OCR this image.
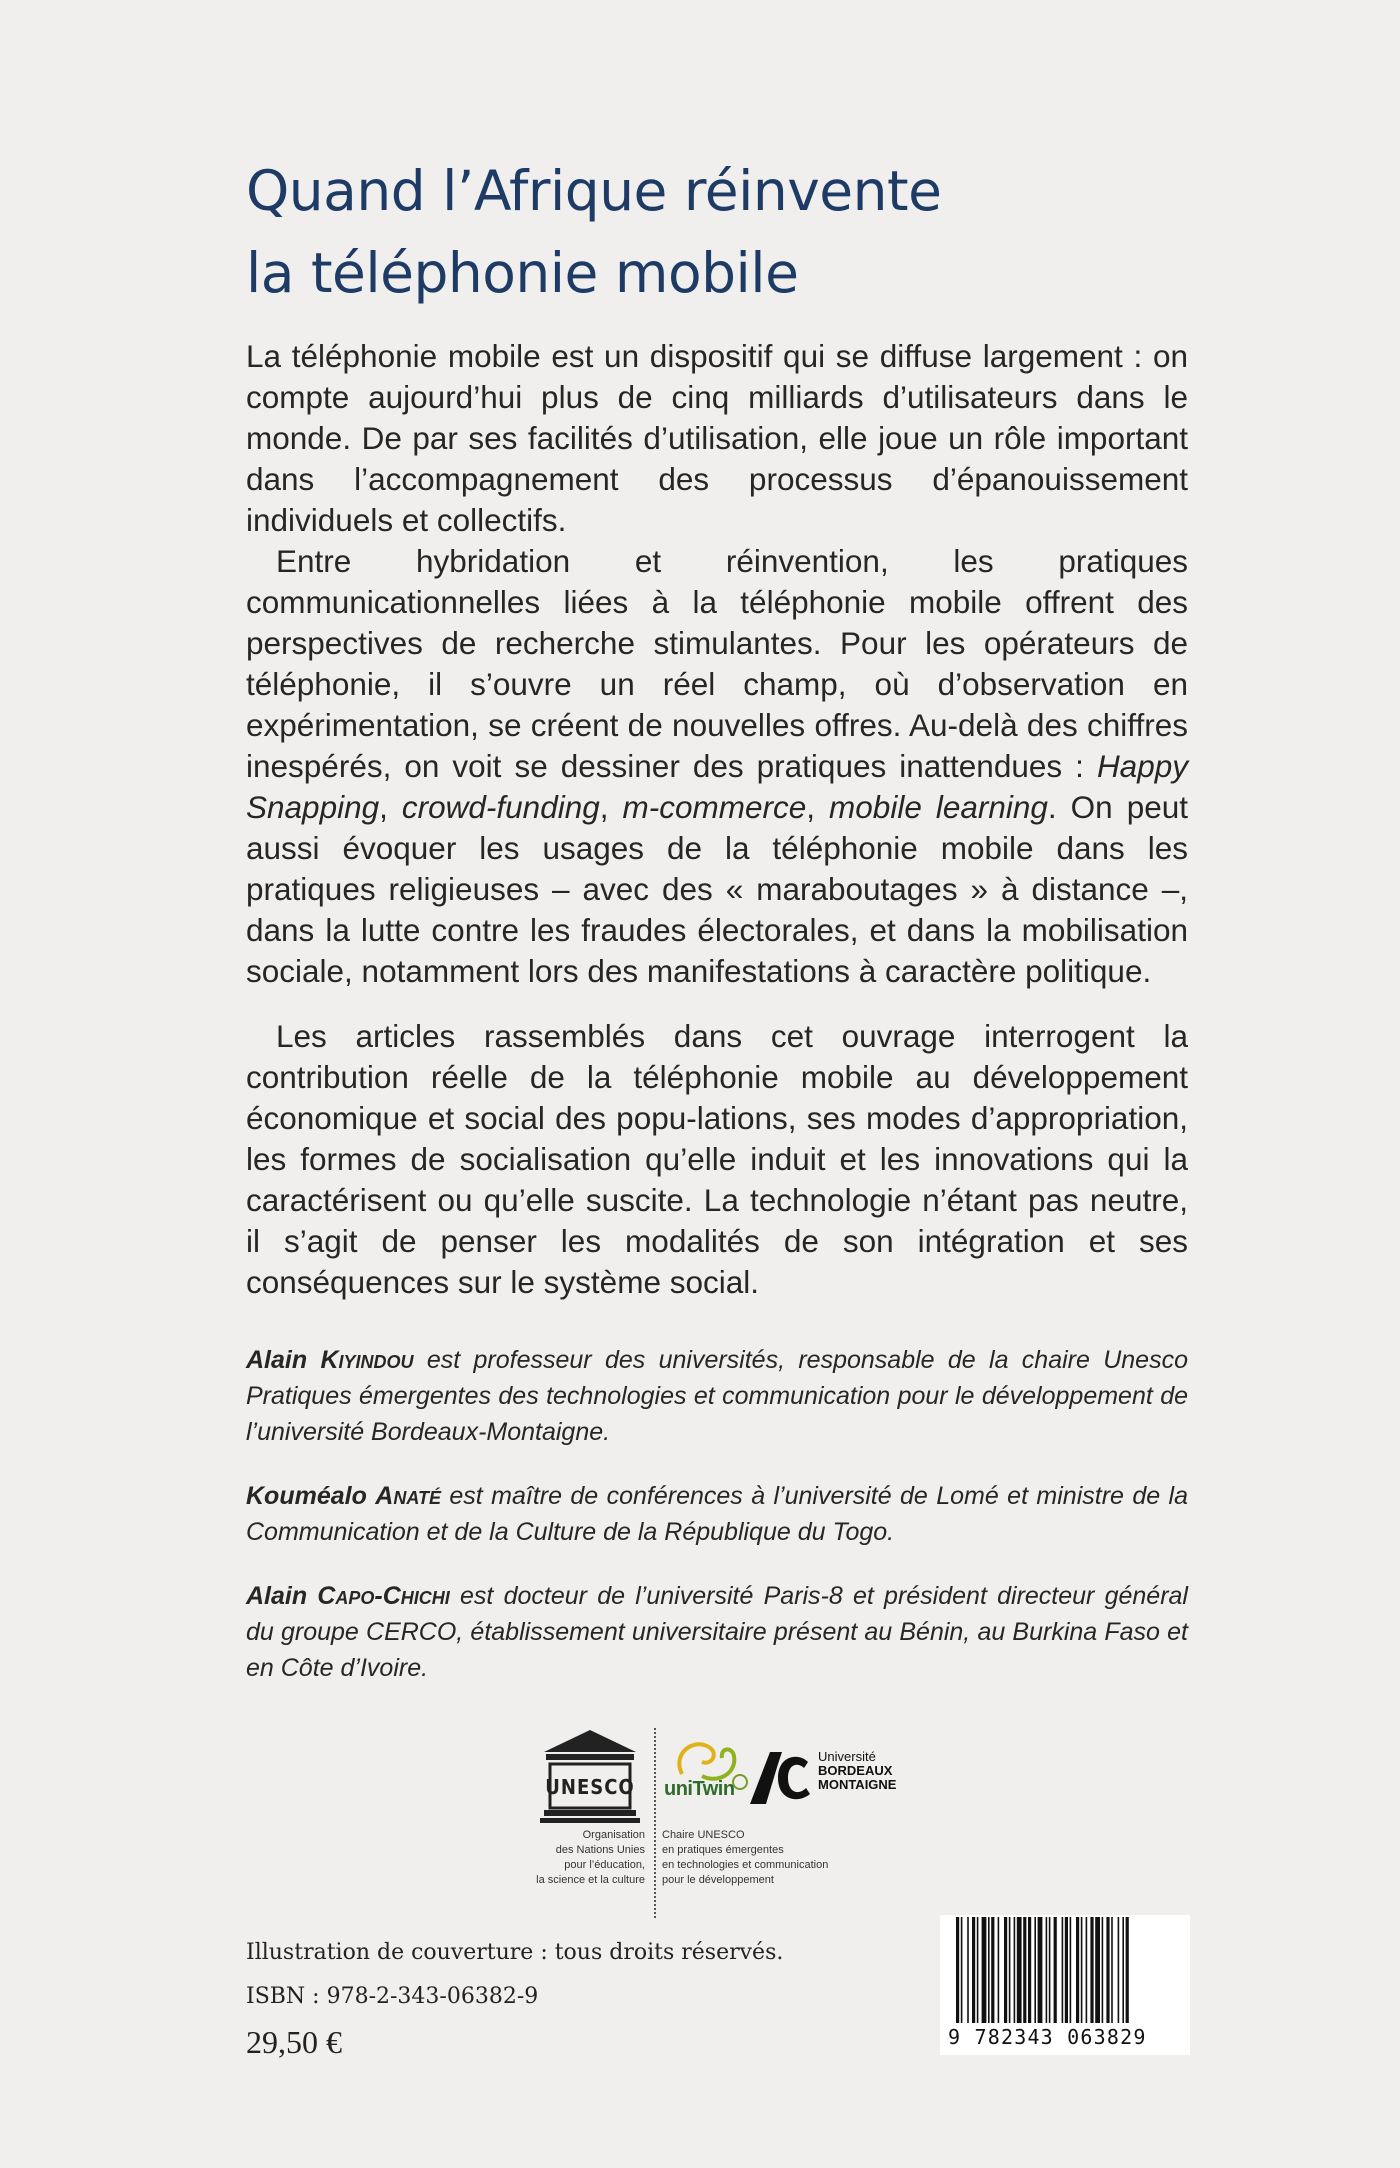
Quand l’Afrique réinvente
la téléphonie mobile

La téléphonie mobile est un dispositif qui se diffuse largement : on compte aujourd’hui plus de cinq milliards d’utilisateurs dans le monde. De par ses facilités d’utilisation, elle joue un rôle important dans l’accompagnement des processus d’épanouissement individuels et collectifs.

Entre hybridation et réinvention, les pratiques communicationnelles liées à la téléphonie mobile offrent des perspectives de recherche stimulantes. Pour les opérateurs de téléphonie, il s’ouvre un réel champ, où d’observation en expérimentation, se créent de nouvelles offres. Au-delà des chiffres inespérés, on voit se dessiner des pratiques inattendues : Happy Snapping, crowd-funding, m-commerce, mobile learning. On peut aussi évoquer les usages de la téléphonie mobile dans les pratiques religieuses – avec des « maraboutages » à distance –, dans la lutte contre les fraudes électorales, et dans la mobilisation sociale, notamment lors des manifestations à caractère politique.

Les articles rassemblés dans cet ouvrage interrogent la contribution réelle de la téléphonie mobile au développement économique et social des popu-lations, ses modes d’appropriation, les formes de socialisation qu’elle induit et les innovations qui la caractérisent ou qu’elle suscite. La technologie n’étant pas neutre, il s’agit de penser les modalités de son intégration et ses conséquences sur le système social.

Alain Kiyindou est professeur des universités, responsable de la chaire Unesco Pratiques émergentes des technologies et communication pour le développement de l’université Bordeaux-Montaigne.
Kouméalo Anaté est maître de conférences à l’université de Lomé et ministre de la Communication et de la Culture de la République du Togo.
Alain Capo-Chichi est docteur de l’université Paris-8 et président directeur général du groupe CERCO, établissement universitaire présent au Bénin, au Burkina Faso et en Côte d’Ivoire.
UNESCO
Organisation
des Nations Unies
pour l’éducation,
la science et la culture
uniTwin
Université
BORDEAUX
MONTAIGNE
Chaire UNESCO
en pratiques émergentes
en technologies et communication
pour le développement
Illustration de couverture : tous droits réservés.
ISBN : 978-2-343-06382-9
29,50 €	9 782343 063829
